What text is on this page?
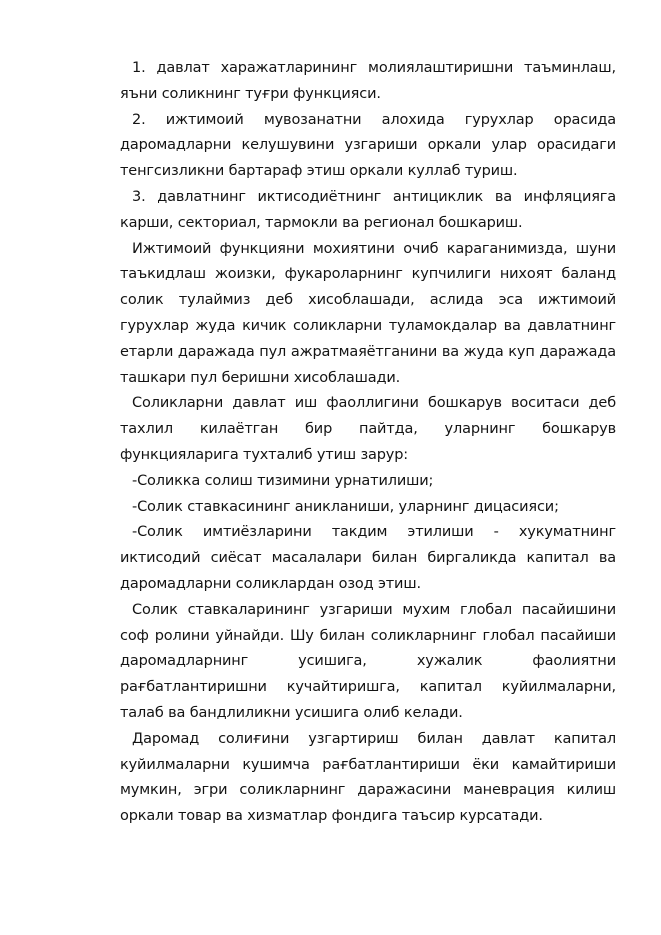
1. давлат харажатларининг молиялаштиришни таъминлаш, яъни соликнинг туғри функцияси.

2. ижтимоий мувозанатни алохида гурухлар орасида даромадларни келушувини узгариши оркали улар орасидаги тенгсизликни бартараф этиш оркали куллаб туриш.

3. давлатнинг иктисодиётнинг антициклик ва инфляцияга карши, секториал, тармокли ва регионал бошкариш.

Ижтимоий функцияни мохиятини очиб караганимизда, шуни таъкидлаш жоизки, фукароларнинг купчилиги нихоят баланд солик тулаймиз деб хисоблашади, аслида эса ижтимоий гурухлар жуда кичик соликларни туламокдалар ва давлатнинг етарли даражада пул ажратмаяётганини ва жуда куп даражада ташкари пул беришни хисоблашади.

Соликларни давлат иш фаоллигини бошкарув воситаси деб тахлил килаётган бир пайтда, уларнинг бошкарув функцияларига тухталиб утиш зарур:

-Соликка солиш тизимини урнатилиши;

-Солик ставкасининг аникланиши, уларнинг дицасияси;

-Солик имтиёзларини такдим этилиши - хукуматнинг иктисодий сиёсат масалалари билан биргаликда капитал ва даромадларни соликлардан озод этиш.

Солик ставкаларининг узгариши мухим глобал пасайишини соф ролини уйнайди. Шу билан соликларнинг глобал пасайиши даромадларнинг усишига, хужалик фаолиятни рағбатлантиришни кучайтиришга, капитал куйилмаларни, талаб ва бандлиликни усишига олиб келади.

Даромад солиғини узгартириш билан давлат капитал куйилмаларни кушимча рағбатлантириши ёки камайтириши мумкин, эгри соликларнинг даражасини маневрация килиш оркали товар ва хизматлар фондига таъсир курсатади.
